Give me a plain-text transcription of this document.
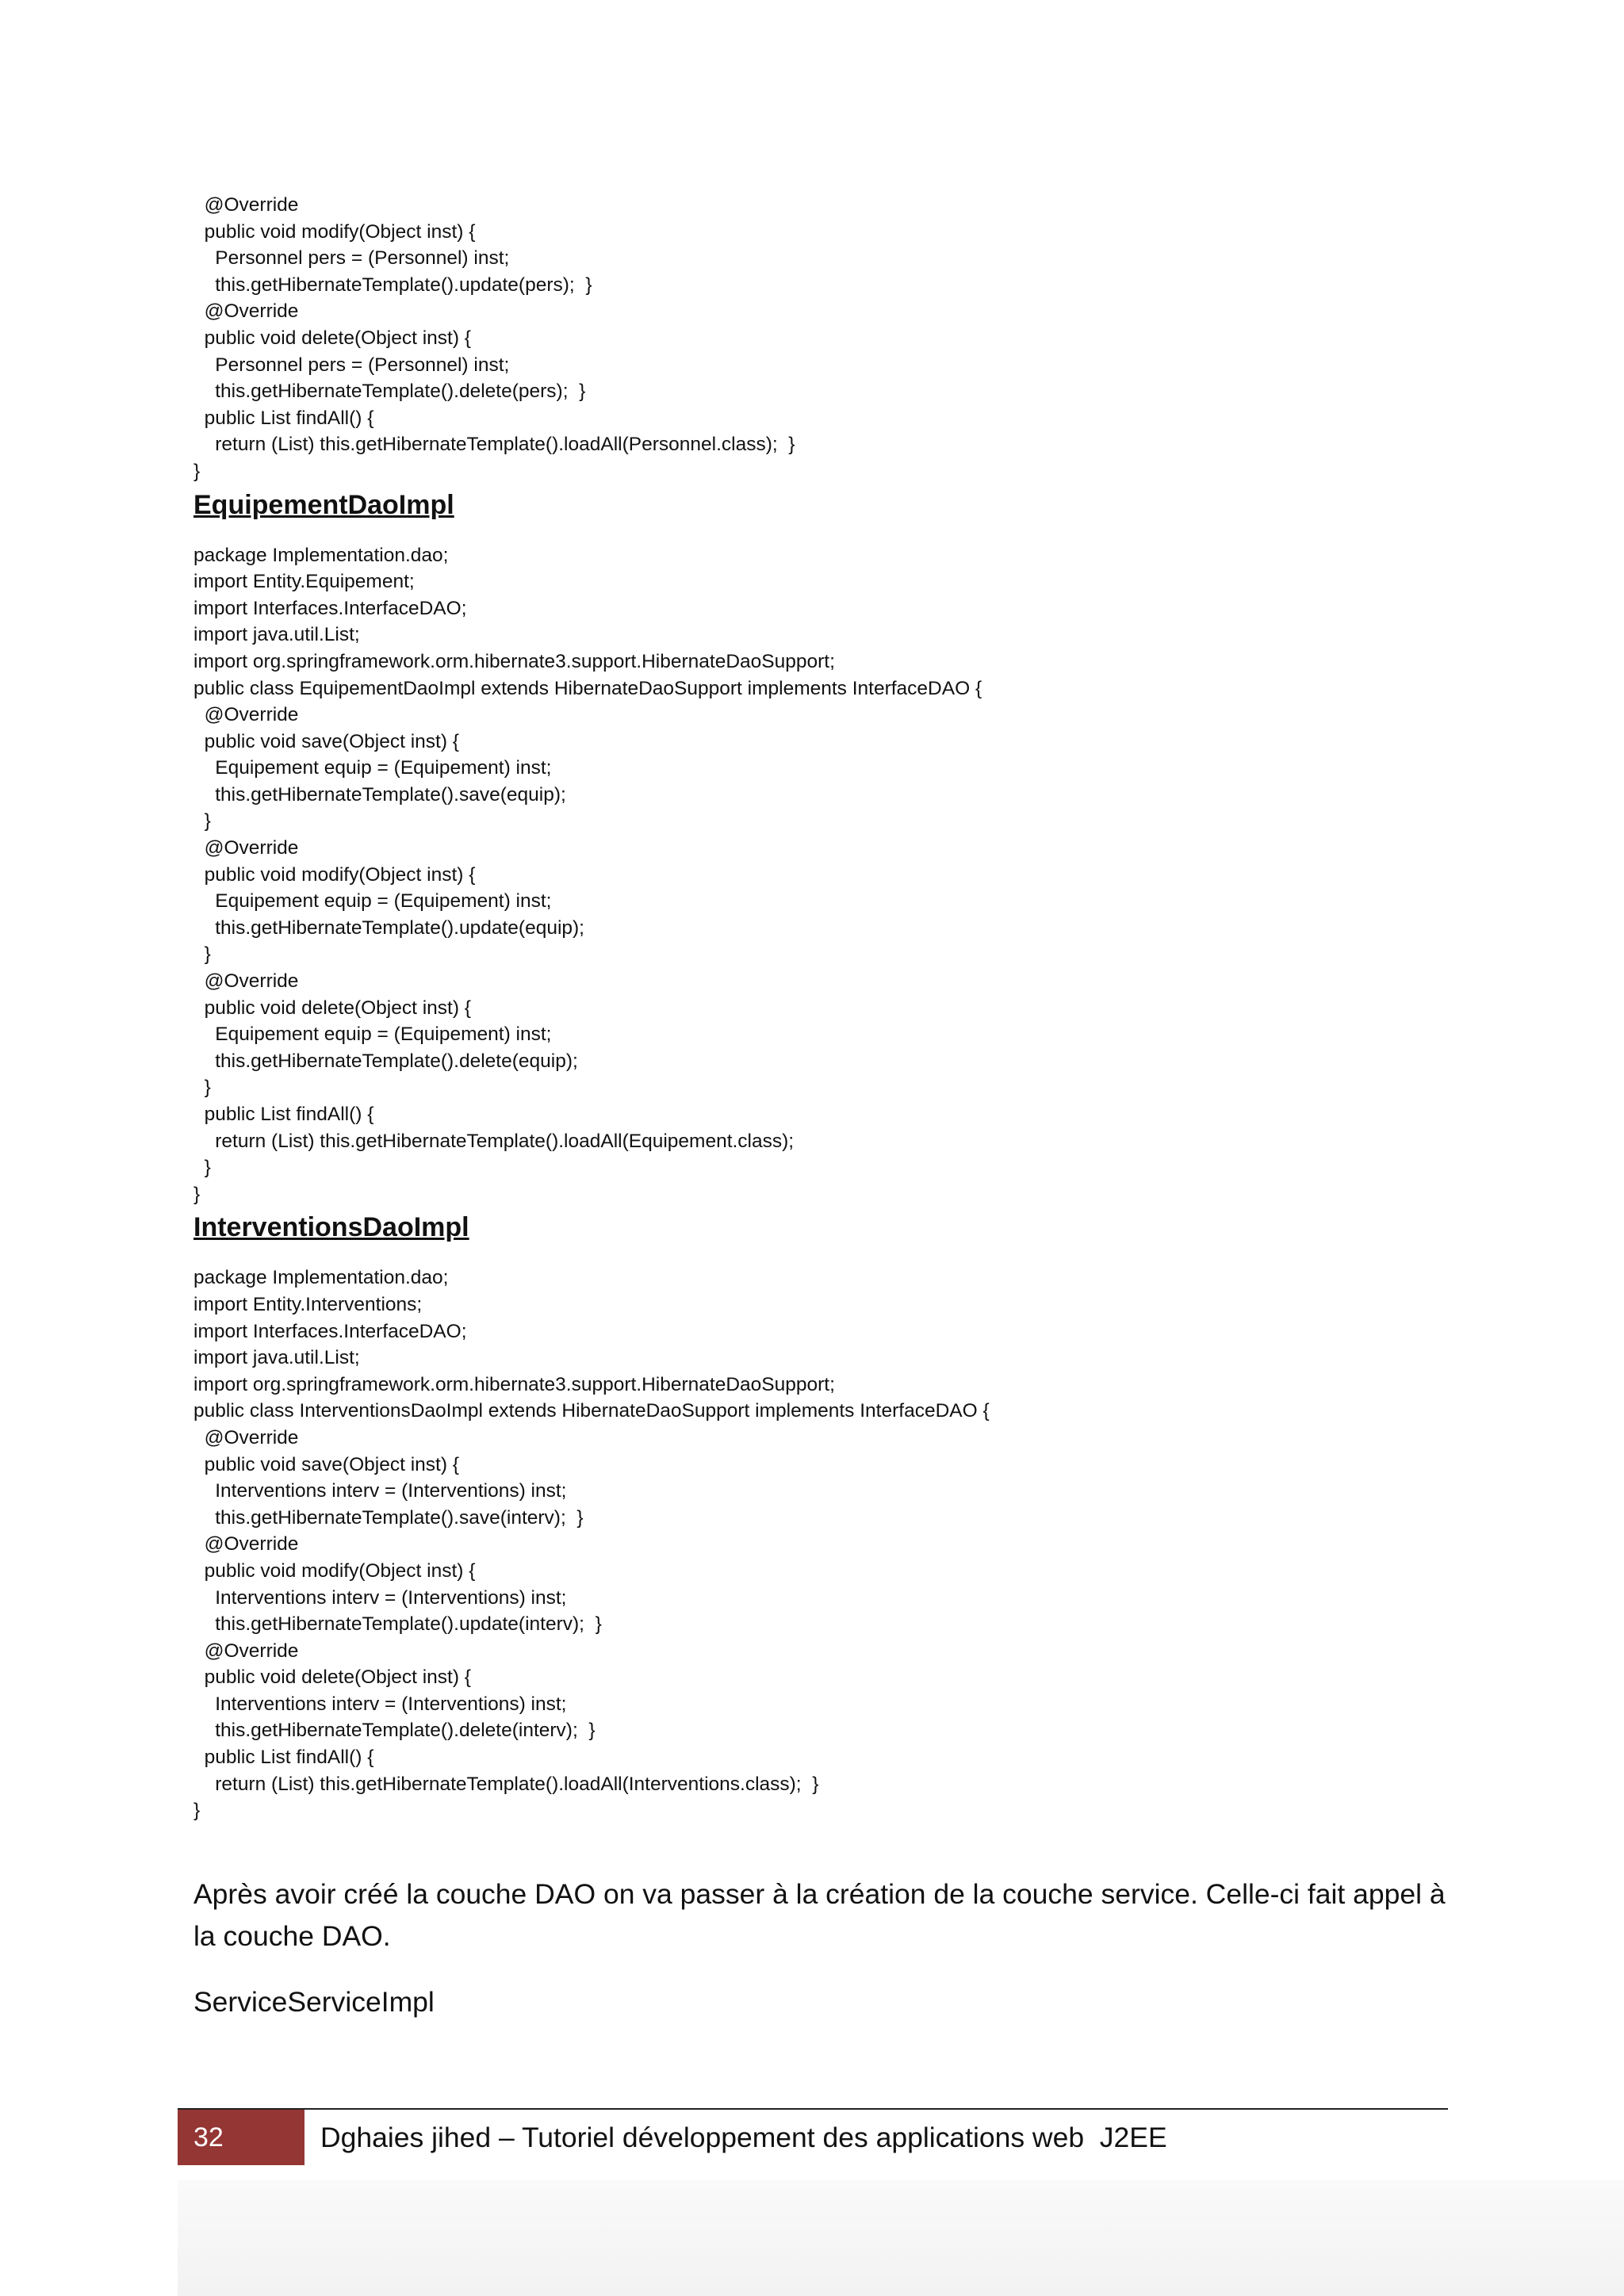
@Override
public void modify(Object inst) {
Personnel pers = (Personnel) inst;
this.getHibernateTemplate().update(pers);  }
@Override
public void delete(Object inst) {
Personnel pers = (Personnel) inst;
this.getHibernateTemplate().delete(pers);  }
public List findAll() {
return (List) this.getHibernateTemplate().loadAll(Personnel.class);  }
}
EquipementDaoImpl
package Implementation.dao;
import Entity.Equipement;
import Interfaces.InterfaceDAO;
import java.util.List;
import org.springframework.orm.hibernate3.support.HibernateDaoSupport;
public class EquipementDaoImpl extends HibernateDaoSupport implements InterfaceDAO {
@Override
public void save(Object inst) {
Equipement equip = (Equipement) inst;
this.getHibernateTemplate().save(equip);
}
@Override
public void modify(Object inst) {
Equipement equip = (Equipement) inst;
this.getHibernateTemplate().update(equip);
}
@Override
public void delete(Object inst) {
Equipement equip = (Equipement) inst;
this.getHibernateTemplate().delete(equip);
}
public List findAll() {
return (List) this.getHibernateTemplate().loadAll(Equipement.class);
}
}
InterventionsDaoImpl
package Implementation.dao;
import Entity.Interventions;
import Interfaces.InterfaceDAO;
import java.util.List;
import org.springframework.orm.hibernate3.support.HibernateDaoSupport;
public class InterventionsDaoImpl extends HibernateDaoSupport implements InterfaceDAO {
@Override
public void save(Object inst) {
Interventions interv = (Interventions) inst;
this.getHibernateTemplate().save(interv);  }
@Override
public void modify(Object inst) {
Interventions interv = (Interventions) inst;
this.getHibernateTemplate().update(interv);  }
@Override
public void delete(Object inst) {
Interventions interv = (Interventions) inst;
this.getHibernateTemplate().delete(interv);  }
public List findAll() {
return (List) this.getHibernateTemplate().loadAll(Interventions.class);  }
}

Après avoir créé la couche DAO on va passer à la création de la couche service. Celle-ci fait appel à la couche DAO.

ServiceServiceImpl

32	Dghaies jihed – Tutoriel développement des applications web  J2EE
